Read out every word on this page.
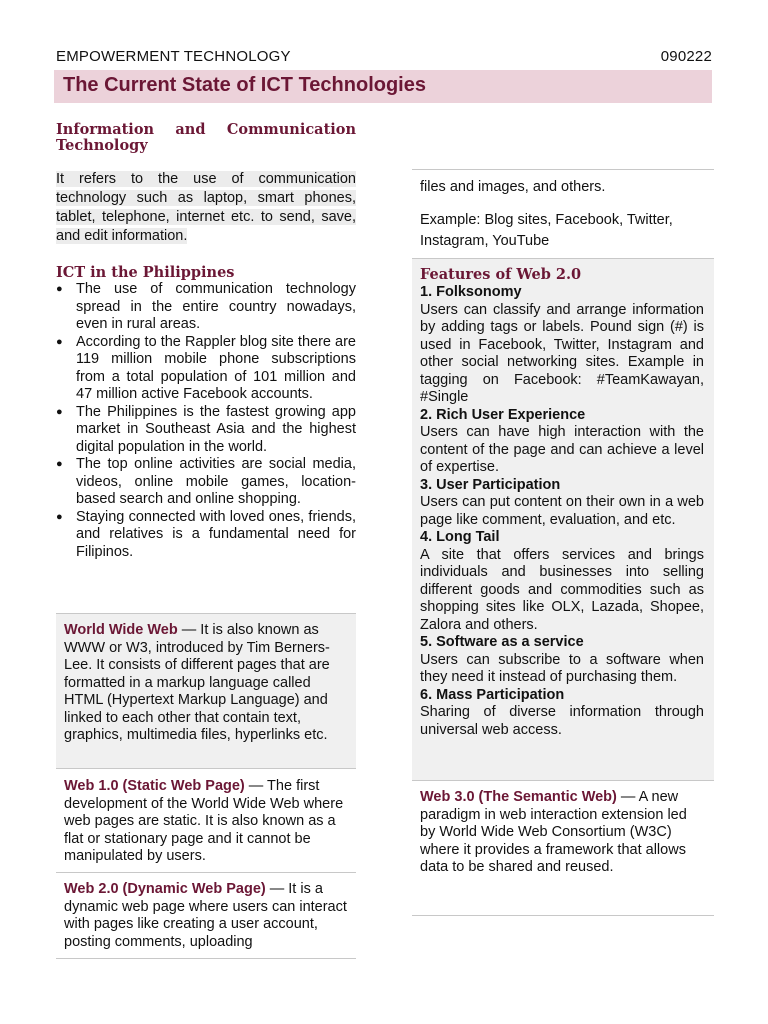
EMPOWERMENT TECHNOLOGY	090222
The Current State of ICT Technologies
Information and Communication Technology
It refers to the use of communication technology such as laptop, smart phones, tablet, telephone, internet etc. to send, save, and edit information.
ICT in the Philippines
● The use of communication technology spread in the entire country nowadays, even in rural areas.
● According to the Rappler blog site there are 119 million mobile phone subscriptions from a total population of 101 million and 47 million active Facebook accounts.
● The Philippines is the fastest growing app market in Southeast Asia and the highest digital population in the world.
● The top online activities are social media, videos, online mobile games, location-based search and online shopping.
● Staying connected with loved ones, friends, and relatives is a fundamental need for Filipinos.
World Wide Web — It is also known as WWW or W3, introduced by Tim Berners-Lee. It consists of different pages that are formatted in a markup language called HTML (Hypertext Markup Language) and linked to each other that contain text, graphics, multimedia files, hyperlinks etc.
Web 1.0 (Static Web Page) — The first development of the World Wide Web where web pages are static. It is also known as a flat or stationary page and it cannot be manipulated by users.
Web 2.0 (Dynamic Web Page) — It is a dynamic web page where users can interact with pages like creating a user account, posting comments, uploading
files and images, and others.
Example: Blog sites, Facebook, Twitter, Instagram, YouTube
Features of Web 2.0
1. Folksonomy
Users can classify and arrange information by adding tags or labels. Pound sign (#) is used in Facebook, Twitter, Instagram and other social networking sites. Example in tagging on Facebook: #TeamKawayan, #Single
2. Rich User Experience
Users can have high interaction with the content of the page and can achieve a level of expertise.
3. User Participation
Users can put content on their own in a web page like comment, evaluation, and etc.
4. Long Tail
A site that offers services and brings individuals and businesses into selling different goods and commodities such as shopping sites like OLX, Lazada, Shopee, Zalora and others.
5. Software as a service
Users can subscribe to a software when they need it instead of purchasing them.
6. Mass Participation
Sharing of diverse information through universal web access.
Web 3.0 (The Semantic Web) — A new paradigm in web interaction extension led by World Wide Web Consortium (W3C) where it provides a framework that allows data to be shared and reused.
